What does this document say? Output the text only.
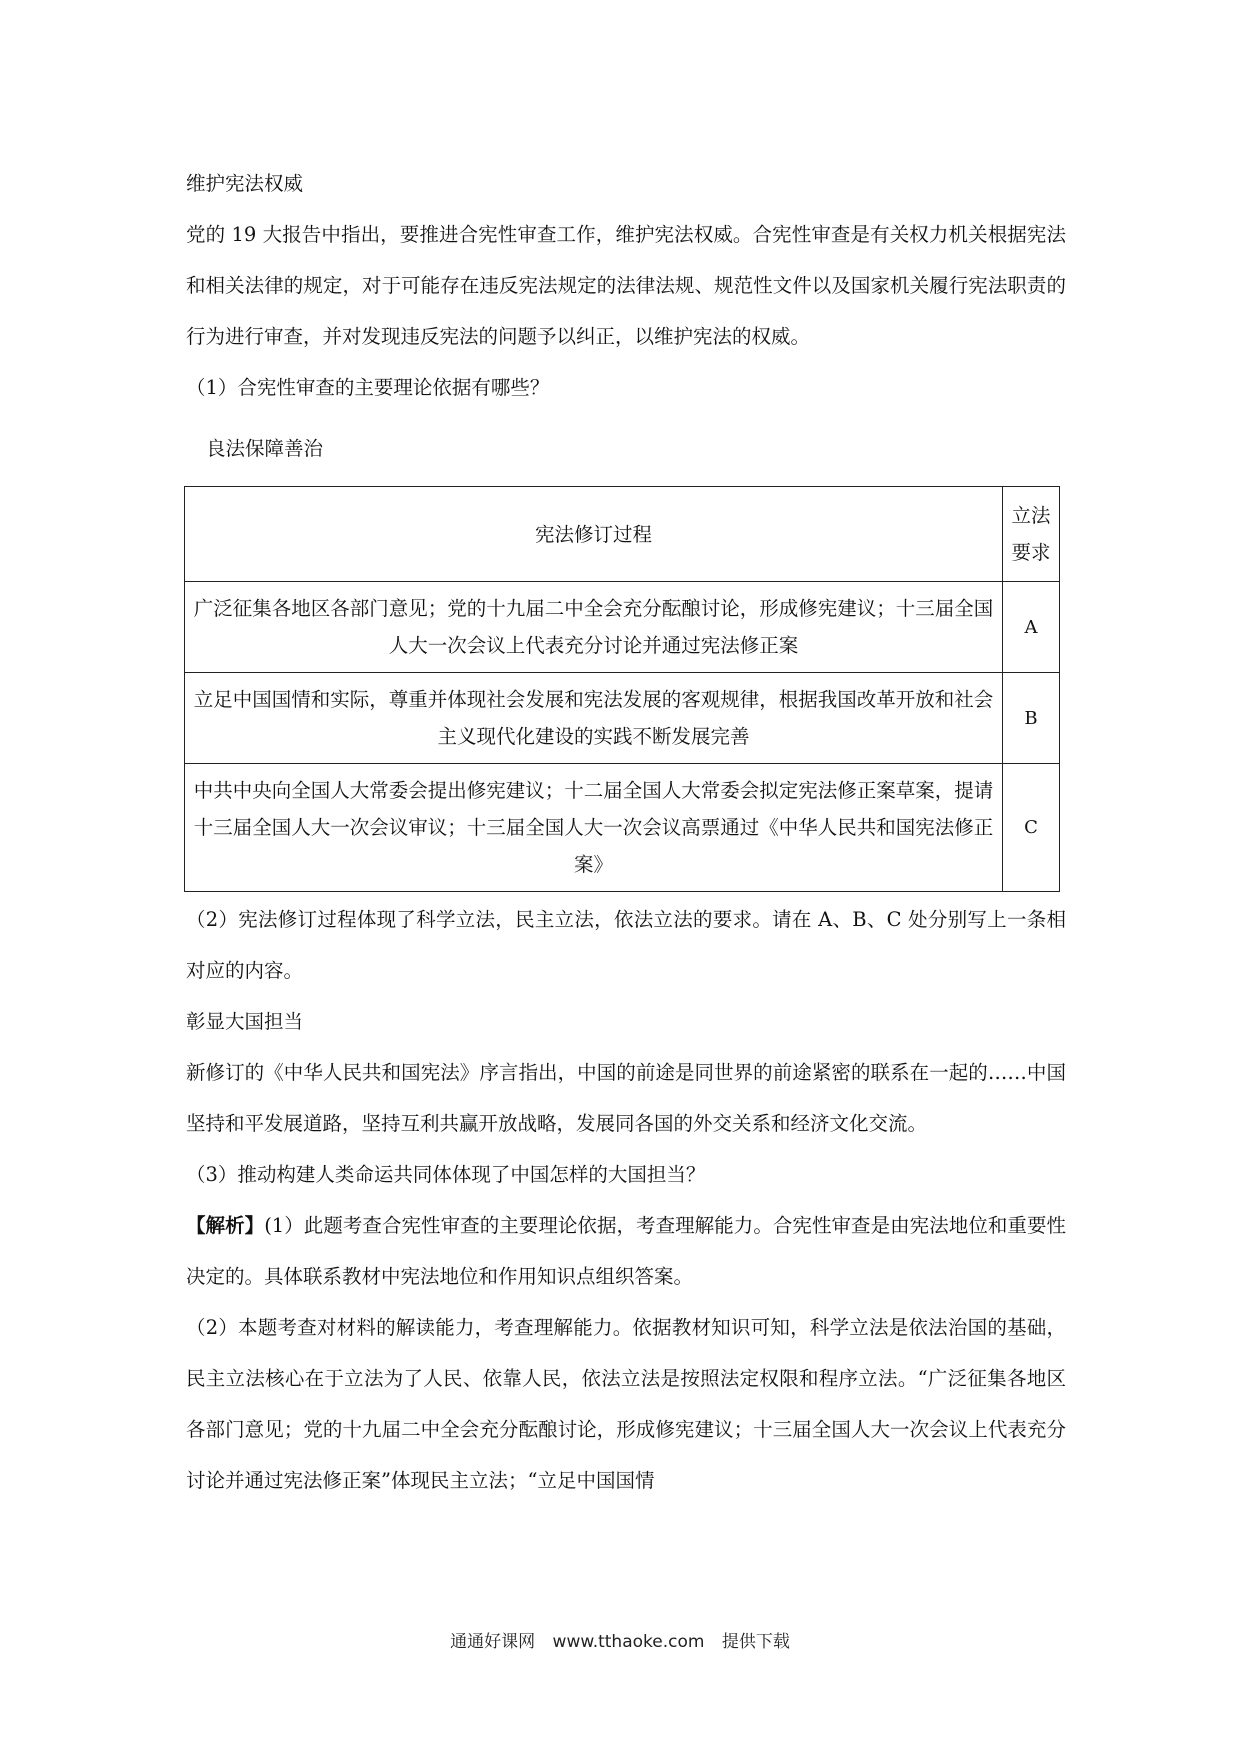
维护宪法权威

党的 19 大报告中指出，要推进合宪性审查工作，维护宪法权威。合宪性审查是有关权力机关根据宪法和相关法律的规定，对于可能存在违反宪法规定的法律法规、规范性文件以及国家机关履行宪法职责的行为进行审查，并对发现违反宪法的问题予以纠正，以维护宪法的权威。

（1）合宪性审查的主要理论依据有哪些？

良法保障善治

宪法修订过程	立法要求
广泛征集各地区各部门意见；党的十九届二中全会充分酝酿讨论，形成修宪建议；十三届全国人大一次会议上代表充分讨论并通过宪法修正案	A
立足中国国情和实际，尊重并体现社会发展和宪法发展的客观规律，根据我国改革开放和社会主义现代化建设的实践不断发展完善	B
中共中央向全国人大常委会提出修宪建议；十二届全国人大常委会拟定宪法修正案草案，提请十三届全国人大一次会议审议；十三届全国人大一次会议高票通过《中华人民共和国宪法修正案》	C

（2）宪法修订过程体现了科学立法，民主立法，依法立法的要求。请在 A、B、C 处分别写上一条相对应的内容。

彰显大国担当

新修订的《中华人民共和国宪法》序言指出，中国的前途是同世界的前途紧密的联系在一起的……中国坚持和平发展道路，坚持互利共赢开放战略，发展同各国的外交关系和经济文化交流。

（3）推动构建人类命运共同体体现了中国怎样的大国担当？

【解析】(1）此题考查合宪性审查的主要理论依据，考查理解能力。合宪性审查是由宪法地位和重要性决定的。具体联系教材中宪法地位和作用知识点组织答案。

（2）本题考查对材料的解读能力，考查理解能力。依据教材知识可知，科学立法是依法治国的基础，民主立法核心在于立法为了人民、依靠人民，依法立法是按照法定权限和程序立法。“广泛征集各地区各部门意见；党的十九届二中全会充分酝酿讨论，形成修宪建议；十三届全国人大一次会议上代表充分讨论并通过宪法修正案”体现民主立法；“立足中国国情

通通好课网 www.tthaoke.com 提供下载
